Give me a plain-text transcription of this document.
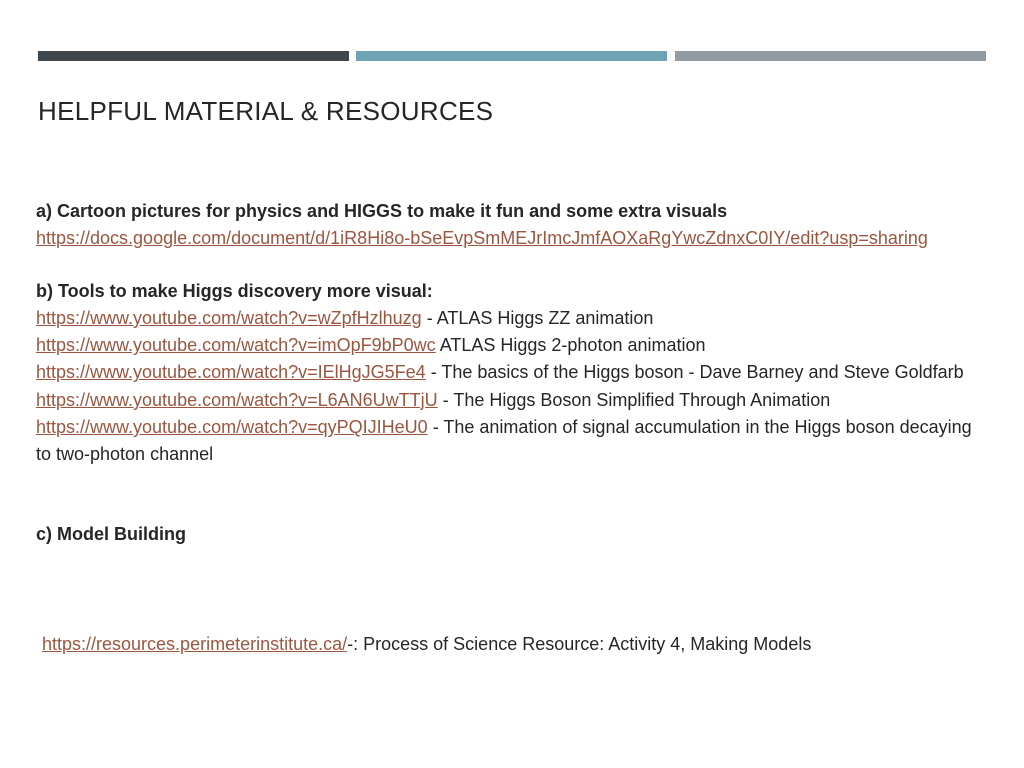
HELPFUL MATERIAL & RESOURCES

a) Cartoon pictures for physics and HIGGS to make it fun and some extra visuals

https://docs.google.com/document/d/1iR8Hi8o-bSeEvpSmMEJrImcJmfAOXaRgYwcZdnxC0IY/edit?usp=sharing

b) Tools to make Higgs discovery more visual:

https://www.youtube.com/watch?v=wZpfHzlhuzg - ATLAS Higgs ZZ animation

https://www.youtube.com/watch?v=imOpF9bP0wc ATLAS Higgs 2-photon animation

https://www.youtube.com/watch?v=IElHgJG5Fe4 - The basics of the Higgs boson - Dave Barney and Steve Goldfarb

https://www.youtube.com/watch?v=L6AN6UwTTjU - The Higgs Boson Simplified Through Animation

https://www.youtube.com/watch?v=qyPQIJIHeU0 - The animation of signal accumulation in the Higgs boson decaying to two-photon channel

c) Model Building

https://resources.perimeterinstitute.ca/-: Process of Science Resource: Activity 4, Making Models
